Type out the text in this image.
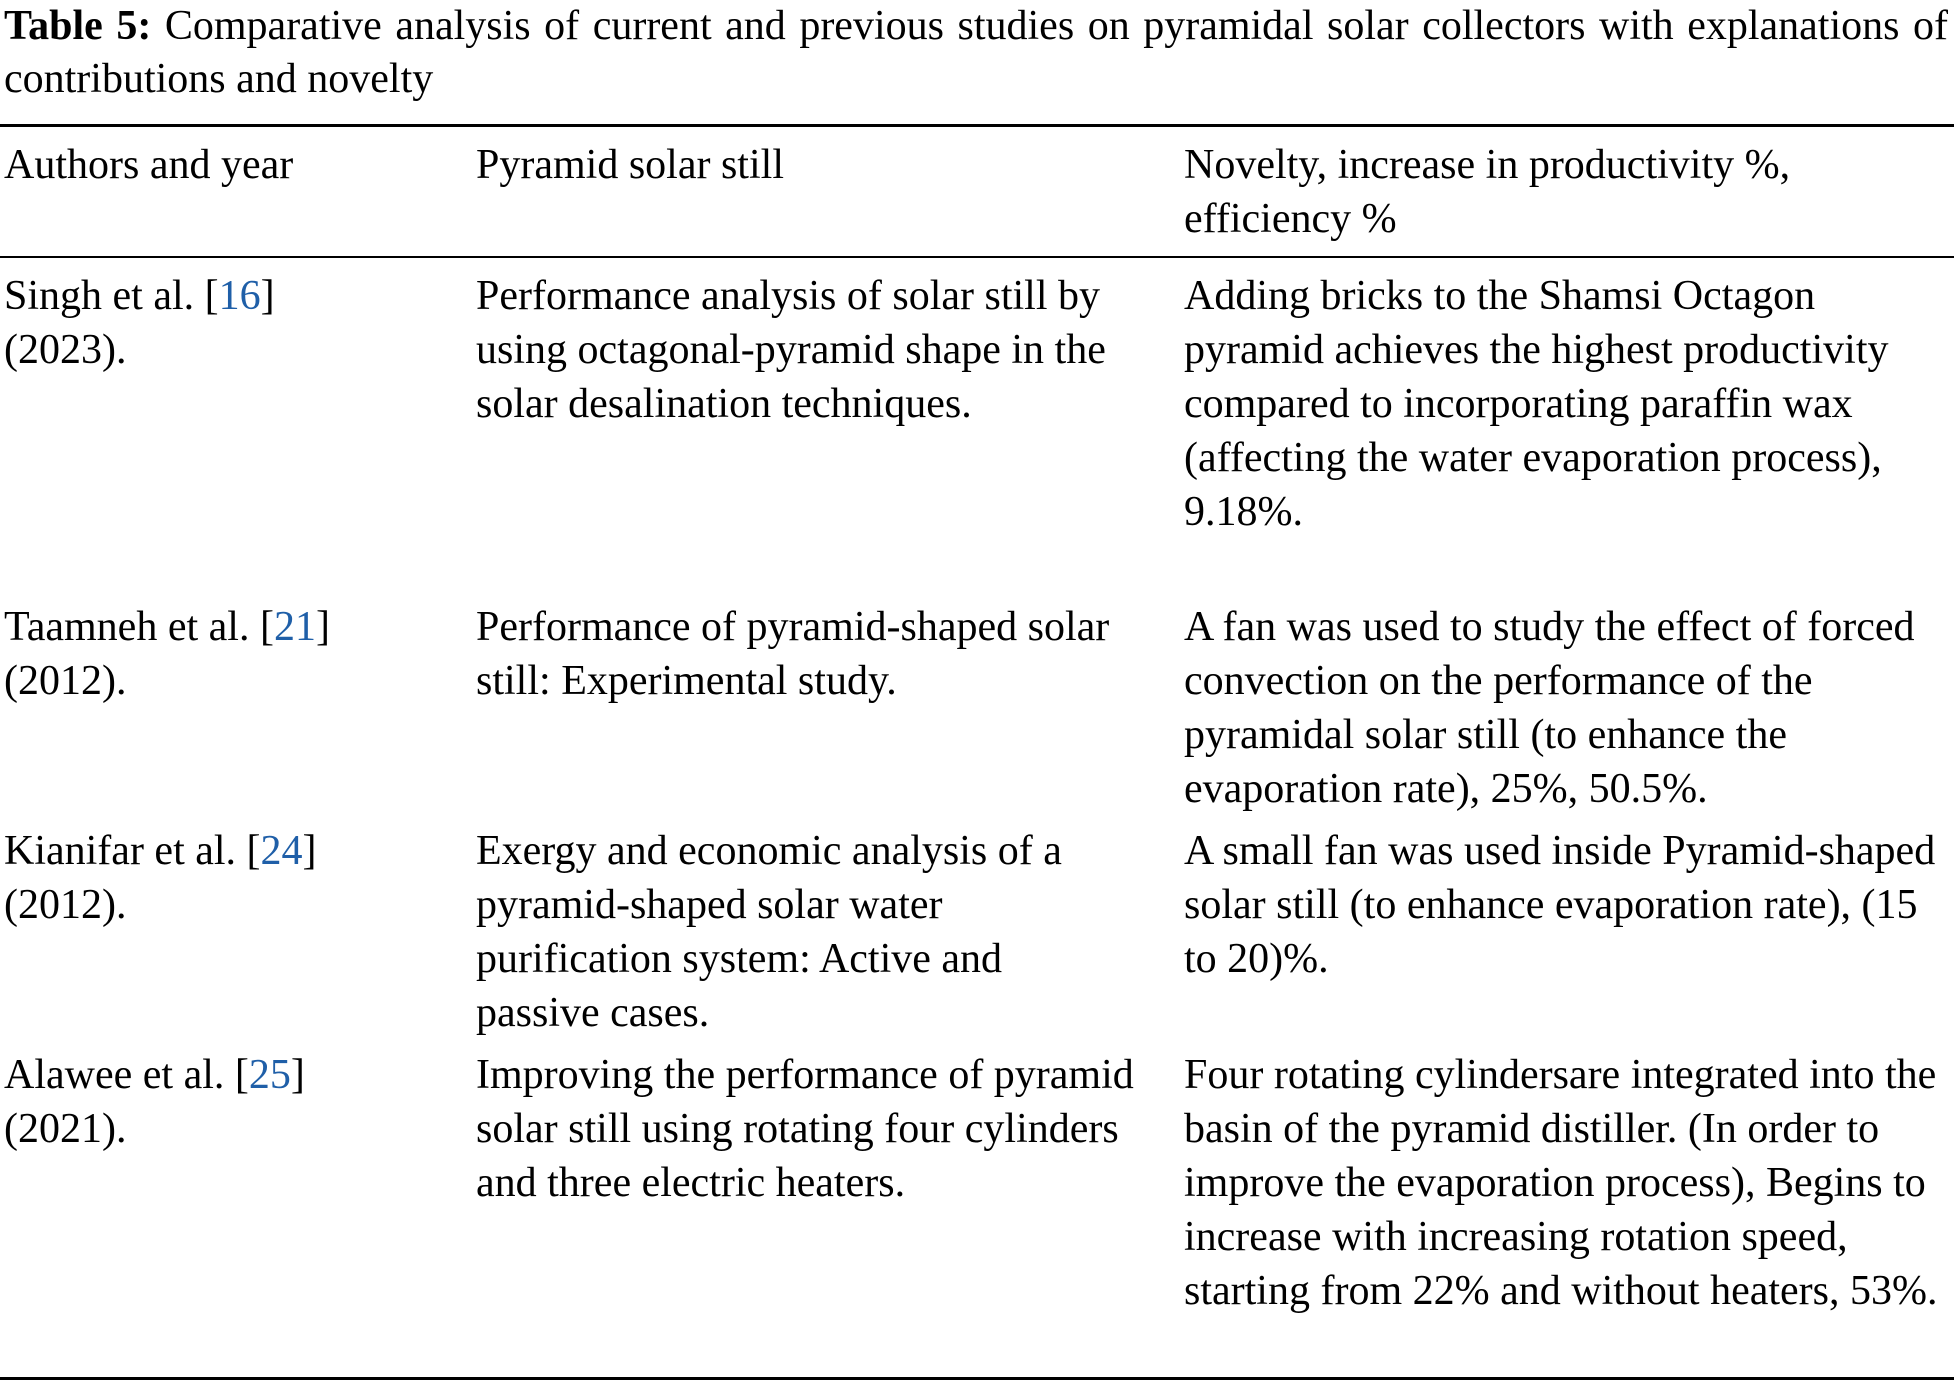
Table 5: Comparative analysis of current and previous studies on pyramidal solar collectors with explanations of contributions and novelty
Authors and year	Pyramid solar still	Novelty, increase in productivity %, efficiency %
Singh et al. [16]
(2023).
Performance analysis of solar still by using octagonal-pyramid shape in the solar desalination techniques.
Adding bricks to the Shamsi Octagon pyramid achieves the highest productivity compared to incorporating paraffin wax (affecting the water evaporation process), 9.18%.
Taamneh et al. [21]
(2012).
Performance of pyramid-shaped solar still: Experimental study.
A fan was used to study the effect of forced convection on the performance of the pyramidal solar still (to enhance the evaporation rate), 25%, 50.5%.
Kianifar et al. [24]
(2012).
Exergy and economic analysis of a pyramid-shaped solar water purification system: Active and passive cases.
A small fan was used inside Pyramid-shaped solar still (to enhance evaporation rate), (15 to 20)%.
Alawee et al. [25]
(2021).
Improving the performance of pyramid solar still using rotating four cylinders and three electric heaters.
Four rotating cylindersare integrated into the basin of the pyramid distiller. (In order to improve the evaporation process), Begins to increase with increasing rotation speed, starting from 22% and without heaters, 53%.
